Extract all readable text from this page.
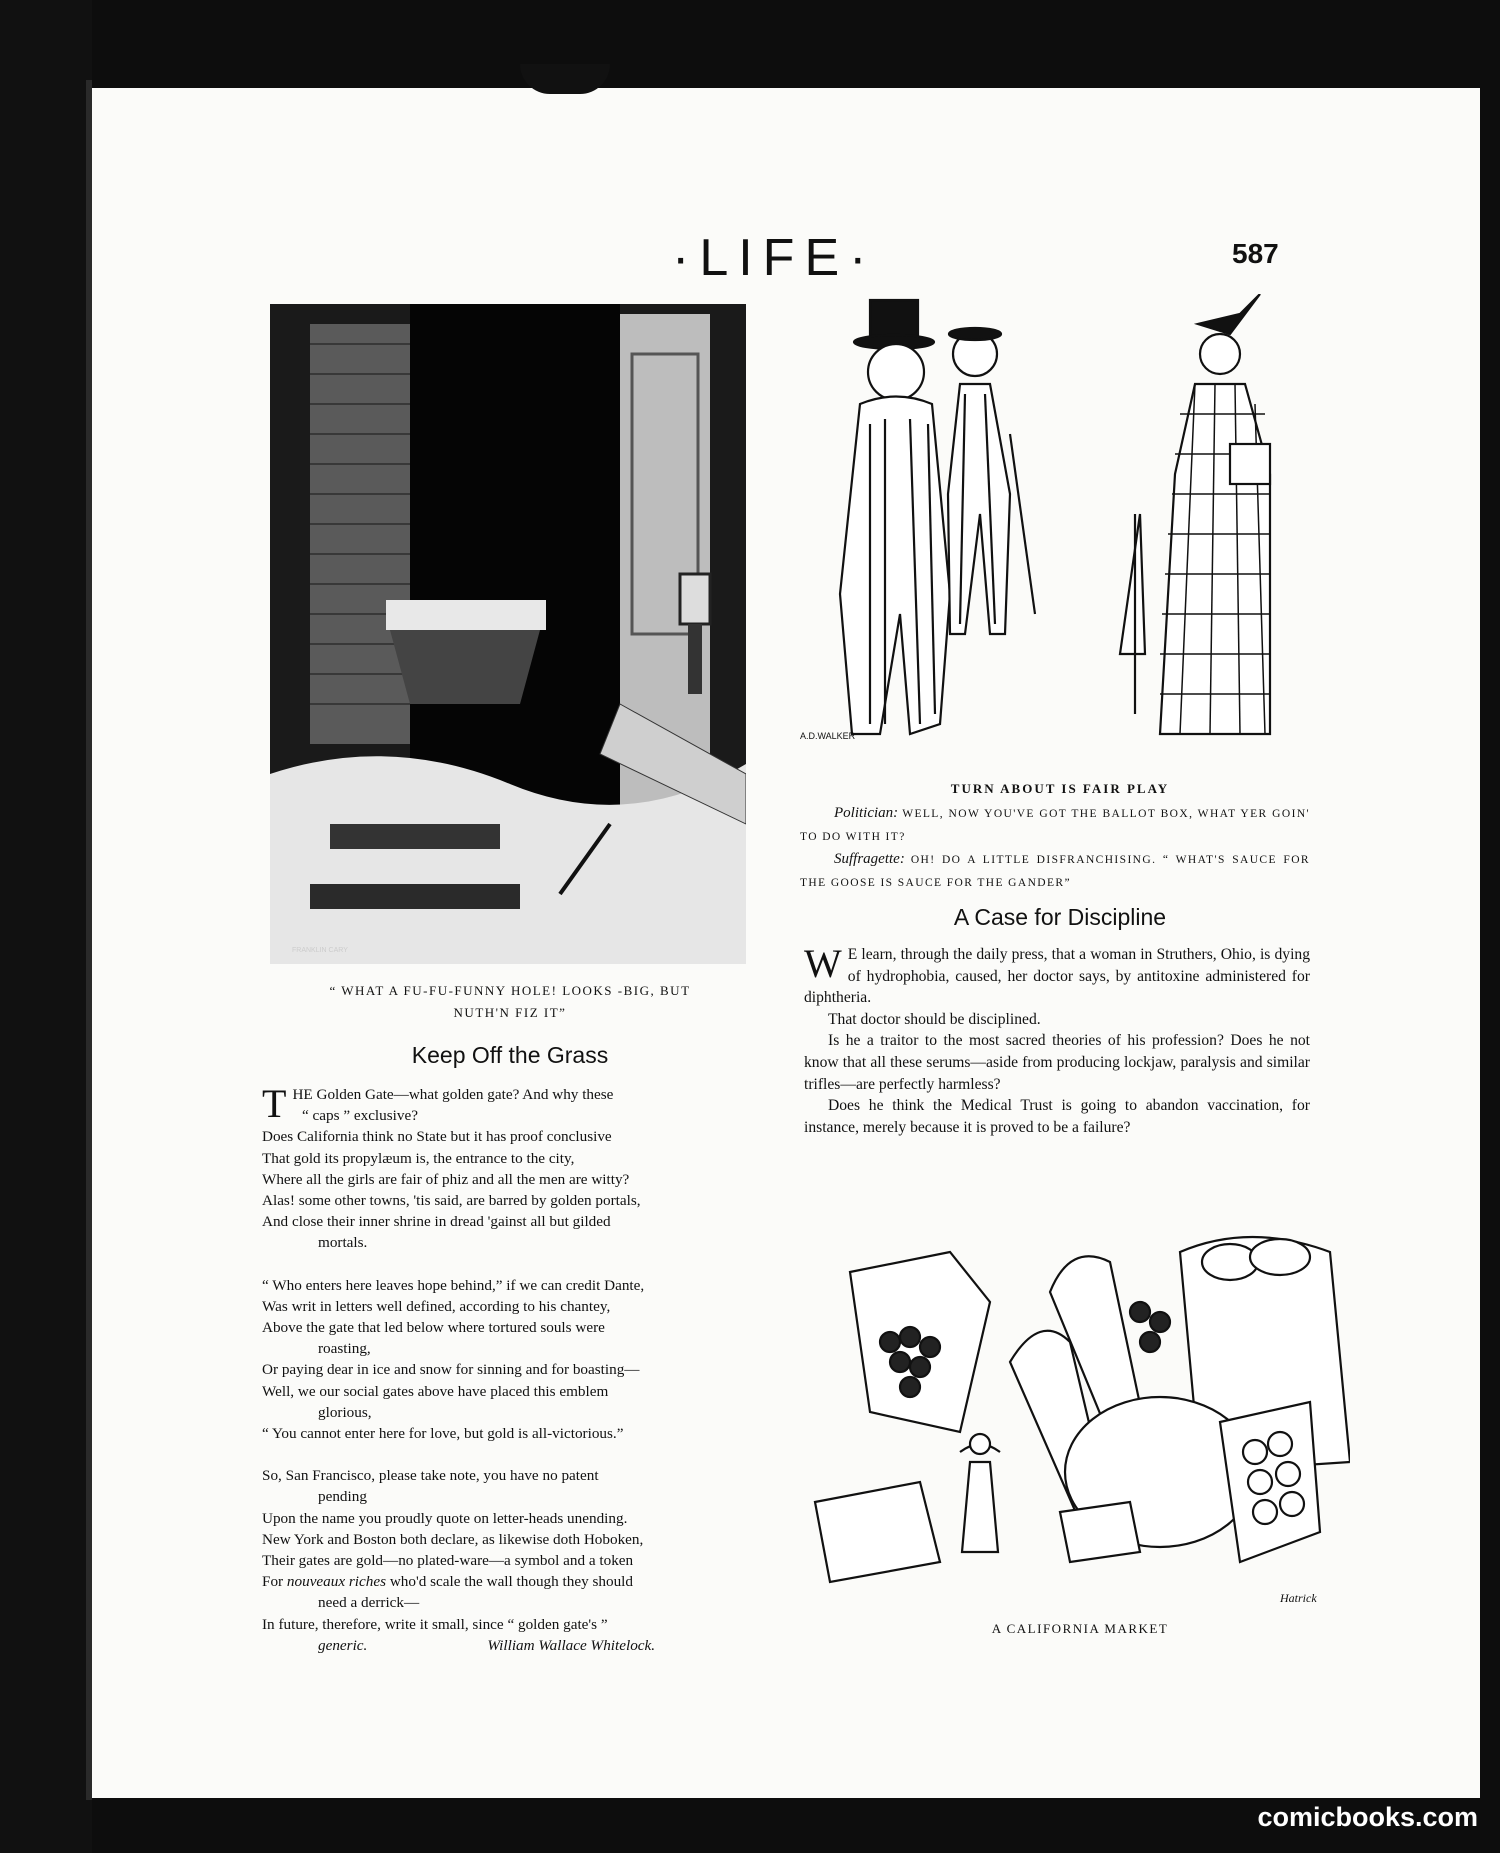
·LIFE·	587
FRANKLIN CARY
“ WHAT A FU-FU-FUNNY HOLE! LOOKS -BIG, BUT NUTH'N FIZ IT”
A.D.WALKER
TURN ABOUT IS FAIR PLAY
Politician: WELL, NOW YOU'VE GOT THE BALLOT BOX, WHAT YER GOIN' TO DO WITH IT?
Suffragette: OH! DO A LITTLE DISFRANCHISING. “ WHAT'S SAUCE FOR THE GOOSE IS SAUCE FOR THE GANDER”
Keep Off the Grass
THE Golden Gate—what golden gate? And why these
“ caps ” exclusive?
Does California think no State but it has proof conclusive
That gold its propylæum is, the entrance to the city,
Where all the girls are fair of phiz and all the men are witty?
Alas! some other towns, 'tis said, are barred by golden portals,
And close their inner shrine in dread 'gainst all but gilded
mortals.
“ Who enters here leaves hope behind,” if we can credit Dante,
Was writ in letters well defined, according to his chantey,
Above the gate that led below where tortured souls were
roasting,
Or paying dear in ice and snow for sinning and for boasting—
Well, we our social gates above have placed this emblem
glorious,
“ You cannot enter here for love, but gold is all-victorious.”
So, San Francisco, please take note, you have no patent
pending
Upon the name you proudly quote on letter-heads unending.
New York and Boston both declare, as likewise doth Hoboken,
Their gates are gold—no plated-ware—a symbol and a token
For nouveaux riches who'd scale the wall though they should
need a derrick—
In future, therefore, write it small, since “ golden gate's ”
generic.	William Wallace Whitelock.
A Case for Discipline

W E learn, through the daily press, that a woman in Struthers, Ohio, is dying of hydrophobia, caused, her doctor says, by antitoxine administered for diphtheria.

That doctor should be disciplined.

Is he a traitor to the most sacred theories of his profession? Does he not know that all these serums—aside from producing lockjaw, paralysis and similar trifles—are perfectly harmless?

Does he think the Medical Trust is going to abandon vaccination, for instance, merely because it is proved to be a failure?

Hatrick
A CALIFORNIA MARKET
comicbooks.com
